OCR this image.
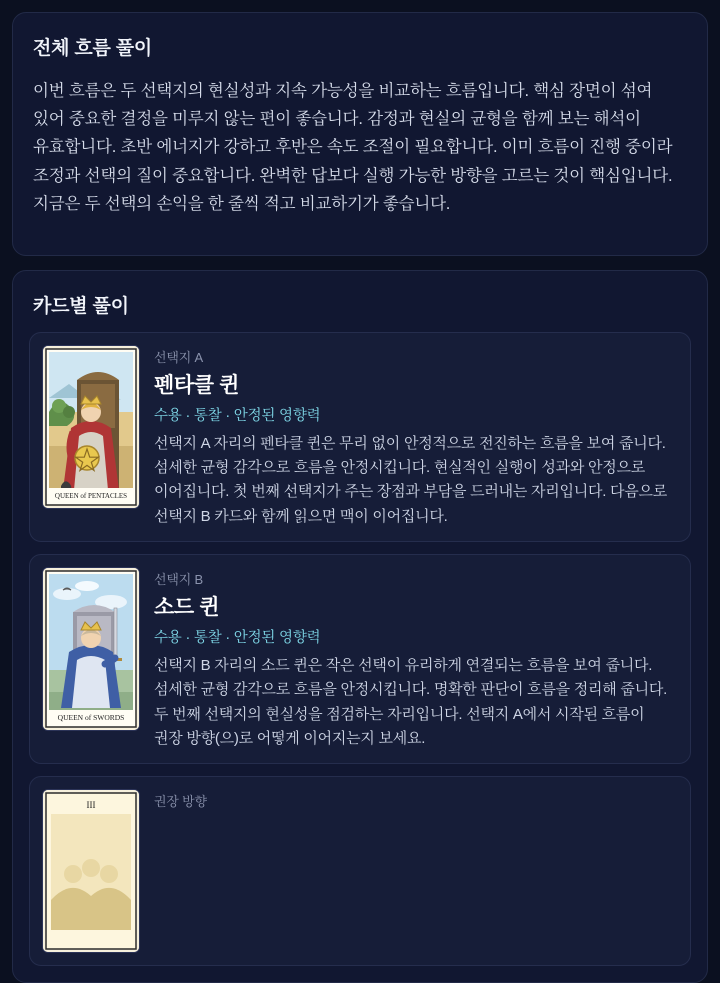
전체 흐름 풀이

이번 흐름은 두 선택지의 현실성과 지속 가능성을 비교하는 흐름입니다. 핵심 장면이 섞여 있어 중요한 결정을 미루지 않는 편이 좋습니다. 감정과 현실의 균형을 함께 보는 해석이 유효합니다. 초반 에너지가 강하고 후반은 속도 조절이 필요합니다. 이미 흐름이 진행 중이라 조정과 선택의 질이 중요합니다. 완벽한 답보다 실행 가능한 방향을 고르는 것이 핵심입니다. 지금은 두 선택의 손익을 한 줄씩 적고 비교하기가 좋습니다.

카드별 풀이
QUEEN of PENTACLES
선택지 A
펜타클 퀸
수용 · 통찰 · 안정된 영향력
선택지 A 자리의 펜타클 퀸은 무리 없이 안정적으로 전진하는 흐름을 보여 줍니다. 섬세한 균형 감각으로 흐름을 안정시킵니다. 현실적인 실행이 성과와 안정으로 이어집니다. 첫 번째 선택지가 주는 장점과 부담을 드러내는 자리입니다. 다음으로 선택지 B 카드와 함께 읽으면 맥이 이어집니다.
QUEEN of SWORDS
선택지 B
소드 퀸
수용 · 통찰 · 안정된 영향력
선택지 B 자리의 소드 퀸은 작은 선택이 유리하게 연결되는 흐름을 보여 줍니다. 섬세한 균형 감각으로 흐름을 안정시킵니다. 명확한 판단이 흐름을 정리해 줍니다. 두 번째 선택지의 현실성을 점검하는 자리입니다. 선택지 A에서 시작된 흐름이 권장 방향(으)로 어떻게 이어지는지 보세요.
III	권장 방향
